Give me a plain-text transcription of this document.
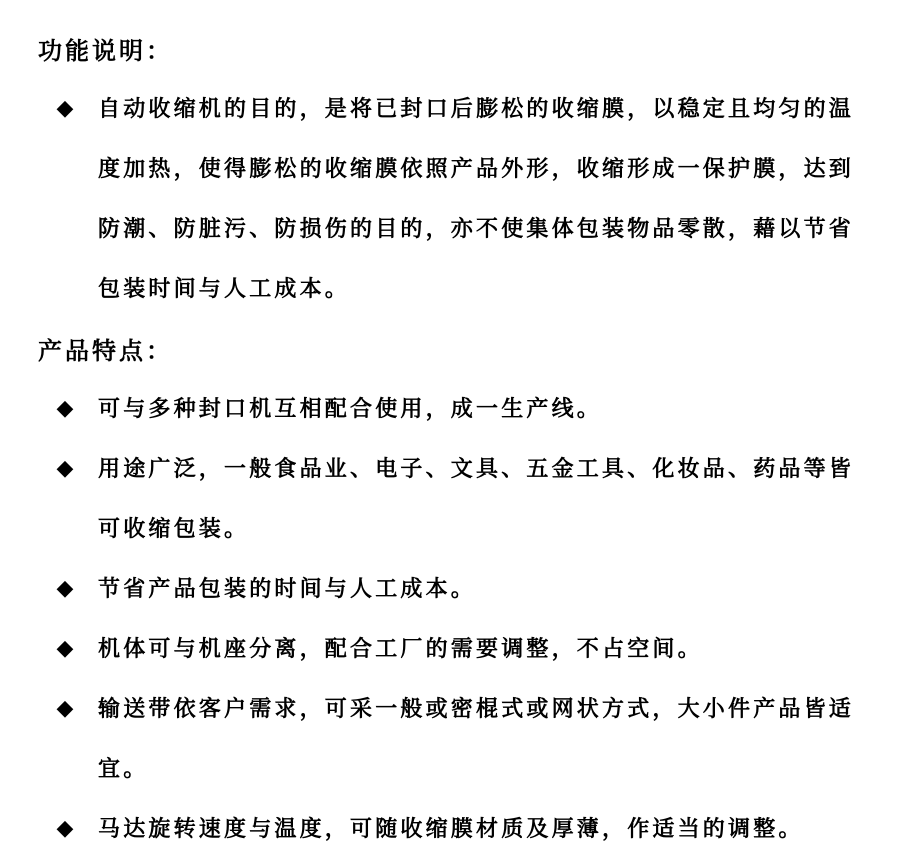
功能说明：
◆ 自动收缩机的目的，是将已封口后膨松的收缩膜，以稳定且均匀的温度加热，使得膨松的收缩膜依照产品外形，收缩形成一保护膜，达到防潮、防脏污、防损伤的目的，亦不使集体包装物品零散，藉以节省包装时间与人工成本。

产品特点：
◆ 可与多种封口机互相配合使用，成一生产线。

◆ 用途广泛，一般食品业、电子、文具、五金工具、化妆品、药品等皆可收缩包装。

◆ 节省产品包装的时间与人工成本。

◆ 机体可与机座分离，配合工厂的需要调整，不占空间。

◆ 输送带依客户需求，可采一般或密棍式或网状方式，大小件产品皆适宜。

◆ 马达旋转速度与温度，可随收缩膜材质及厚薄，作适当的调整。
